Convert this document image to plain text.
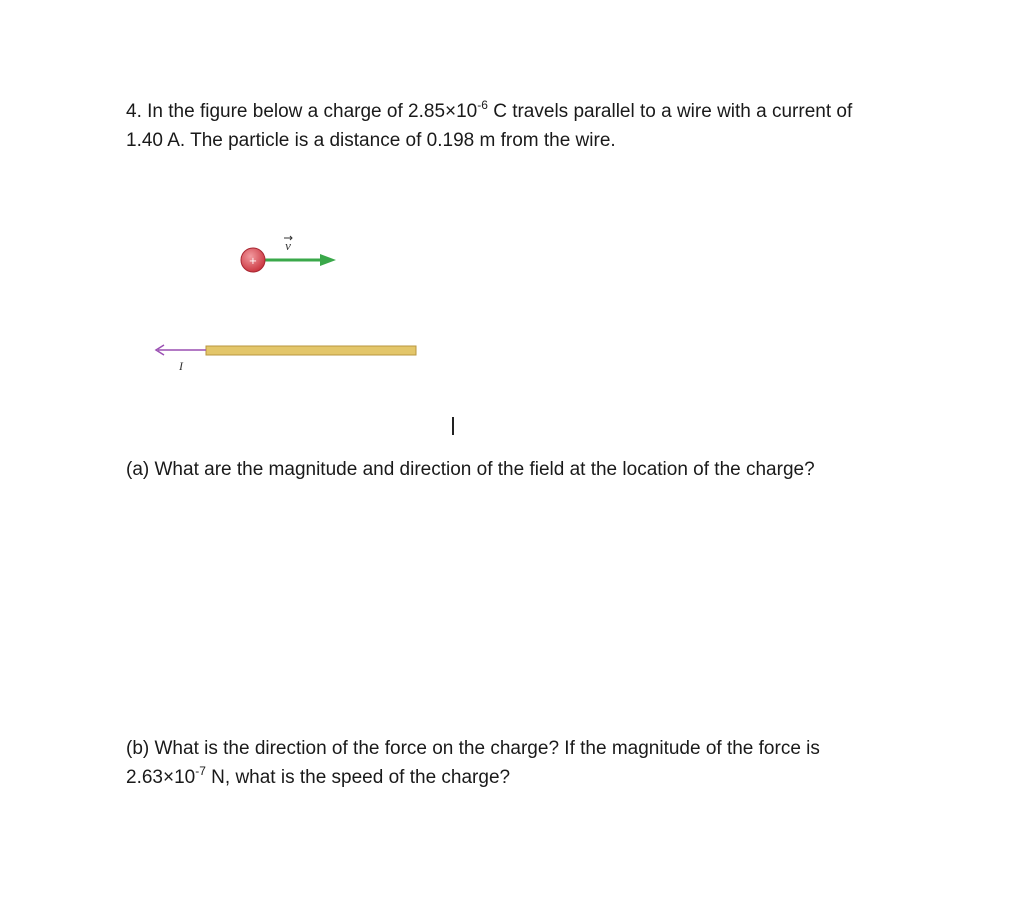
4. In the figure below a charge of $2.85\times 10^{-6}$ C travels parallel to a wire with a current of
1.40 A. The particle is a distance of 0.198 m from the wire.

v
+
I

(a) What are the magnitude and direction of the field at the location of the charge?

(b) What is the direction of the force on the charge? If the magnitude of the force is
$2.63\times 10^{-7}$ N, what is the speed of the charge?
